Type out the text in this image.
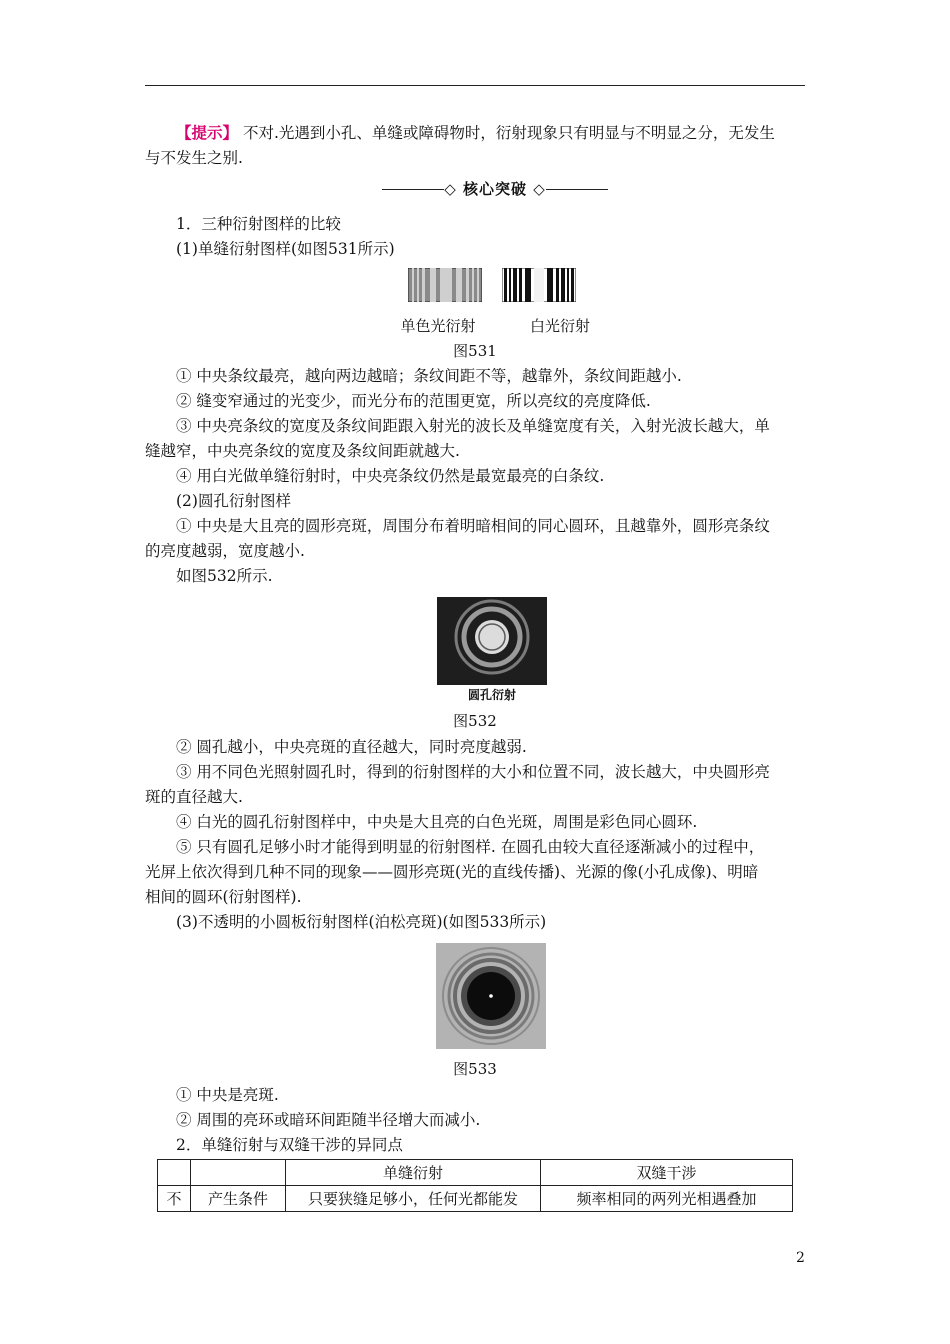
【提示】 不对.光遇到小孔、单缝或障碍物时，衍射现象只有明显与不明显之分，无发生
与不发生之别.
◇ 核心突破 ◇
1．三种衍射图样的比较
(1)单缝衍射图样(如图531所示)
单色光衍射	白光衍射
图531
① 中央条纹最亮，越向两边越暗；条纹间距不等，越靠外，条纹间距越小.
② 缝变窄通过的光变少，而光分布的范围更宽，所以亮纹的亮度降低.
③ 中央亮条纹的宽度及条纹间距跟入射光的波长及单缝宽度有关，入射光波长越大，单
缝越窄，中央亮条纹的宽度及条纹间距就越大.
④ 用白光做单缝衍射时，中央亮条纹仍然是最宽最亮的白条纹.
(2)圆孔衍射图样
① 中央是大且亮的圆形亮斑，周围分布着明暗相间的同心圆环，且越靠外，圆形亮条纹
的亮度越弱，宽度越小.
如图532所示.
圆孔衍射
图532
② 圆孔越小，中央亮斑的直径越大，同时亮度越弱.
③ 用不同色光照射圆孔时，得到的衍射图样的大小和位置不同，波长越大，中央圆形亮
斑的直径越大.
④ 白光的圆孔衍射图样中，中央是大且亮的白色光斑，周围是彩色同心圆环.
⑤ 只有圆孔足够小时才能得到明显的衍射图样. 在圆孔由较大直径逐渐减小的过程中，
光屏上依次得到几种不同的现象——圆形亮斑(光的直线传播)、光源的像(小孔成像)、明暗
相间的圆环(衍射图样).
(3)不透明的小圆板衍射图样(泊松亮斑)(如图533所示)
图533
① 中央是亮斑.
② 周围的亮环或暗环间距随半径增大而减小.
2．单缝衍射与双缝干涉的异同点
		单缝衍射	双缝干涉
不	产生条件	只要狭缝足够小，任何光都能发	频率相同的两列光相遇叠加
2
